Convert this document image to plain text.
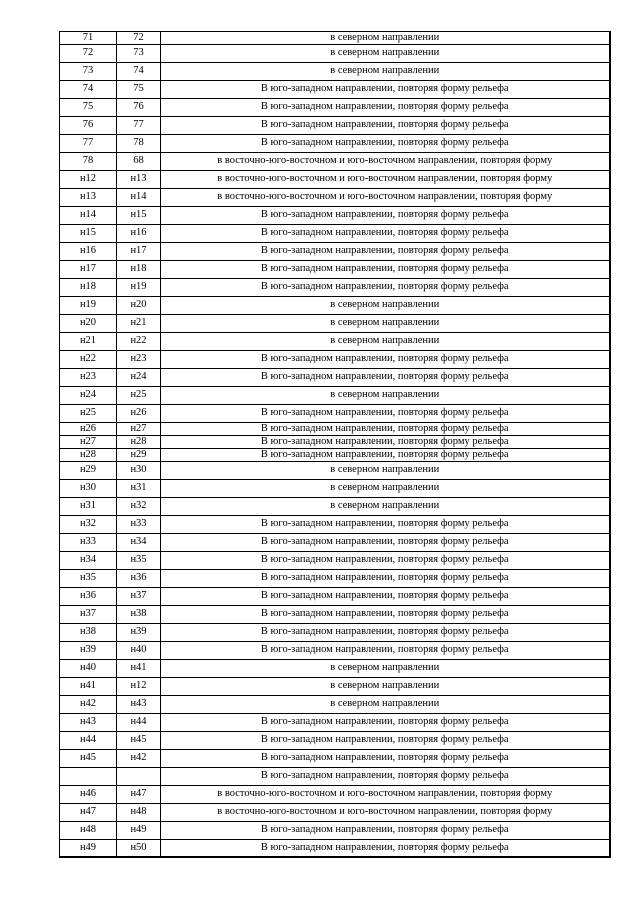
71	72	в северном направлении
72	73	в северном направлении
73	74	в северном направлении
74	75	В юго-западном направлении, повторяя форму рельефа
75	76	В юго-западном направлении, повторяя форму рельефа
76	77	В юго-западном направлении, повторяя форму рельефа
77	78	В юго-западном направлении, повторяя форму рельефа
78	68	в восточно-юго-восточном и юго-восточном направлении, повторяя форму
н12	н13	в восточно-юго-восточном и юго-восточном направлении, повторяя форму
н13	н14	в восточно-юго-восточном и юго-восточном направлении, повторяя форму
н14	н15	В юго-западном направлении, повторяя форму рельефа
н15	н16	В юго-западном направлении, повторяя форму рельефа
н16	н17	В юго-западном направлении, повторяя форму рельефа
н17	н18	В юго-западном направлении, повторяя форму рельефа
н18	н19	В юго-западном направлении, повторяя форму рельефа
н19	н20	в северном направлении
н20	н21	в северном направлении
н21	н22	в северном направлении
н22	н23	В юго-западном направлении, повторяя форму рельефа
н23	н24	В юго-западном направлении, повторяя форму рельефа
н24	н25	в северном направлении
н25	н26	В юго-западном направлении, повторяя форму рельефа
н26	н27	В юго-западном направлении, повторяя форму рельефа
н27	н28	В юго-западном направлении, повторяя форму рельефа
н28	н29	В юго-западном направлении, повторяя форму рельефа
н29	н30	в северном направлении
н30	н31	в северном направлении
н31	н32	в северном направлении
н32	н33	В юго-западном направлении, повторяя форму рельефа
н33	н34	В юго-западном направлении, повторяя форму рельефа
н34	н35	В юго-западном направлении, повторяя форму рельефа
н35	н36	В юго-западном направлении, повторяя форму рельефа
н36	н37	В юго-западном направлении, повторяя форму рельефа
н37	н38	В юго-западном направлении, повторяя форму рельефа
н38	н39	В юго-западном направлении, повторяя форму рельефа
н39	н40	В юго-западном направлении, повторяя форму рельефа
н40	н41	в северном направлении
н41	н12	в северном направлении
н42	н43	в северном направлении
н43	н44	В юго-западном направлении, повторяя форму рельефа
н44	н45	В юго-западном направлении, повторяя форму рельефа
н45	н42	В юго-западном направлении, повторяя форму рельефа
		В юго-западном направлении, повторяя форму рельефа
н46	н47	в восточно-юго-восточном и юго-восточном направлении, повторяя форму
н47	н48	в восточно-юго-восточном и юго-восточном направлении, повторяя форму
н48	н49	В юго-западном направлении, повторяя форму рельефа
н49	н50	В юго-западном направлении, повторяя форму рельефа
